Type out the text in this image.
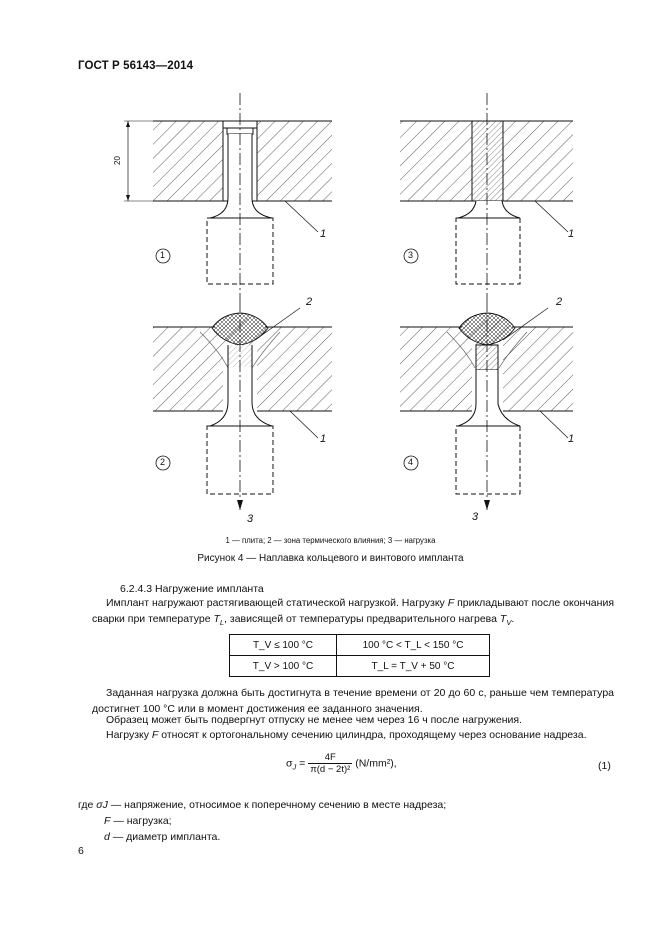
ГОСТ Р 56143—2014
20
1	3
2	4
1	1
2	2
1	1
3	3
1 — плита; 2 — зона термического влияния; 3 — нагрузка
Рисунок 4 — Наплавка кольцевого и винтового импланта
6.2.4.3 Нагружение импланта
Имплант нагружают растягивающей статической нагрузкой. Нагрузку F прикладывают после окончания сварки при температуре $T_L$, зависящей от температуры предварительного нагрева $T_V$.
T_V ≤ 100 °C	100 °C < T_L < 150 °C
T_V > 100 °C	T_L = T_V + 50 °C
Заданная нагрузка должна быть достигнута в течение времени от 20 до 60 с, раньше чем температура достигнет 100 °С или в момент достижения ее заданного значения.
Образец может быть подвергнут отпуску не менее чем через 16 ч после нагружения.
Нагрузку F относят к ортогональному сечению цилиндра, проходящему через основание надреза.
$\sigma_J = \frac{4F}{\text{π(d − 2t)²}} (N/mm^2)$,	(1)
где σJ — напряжение, относимое к поперечному сечению в месте надреза;
F — нагрузка;
d — диаметр импланта.
6
